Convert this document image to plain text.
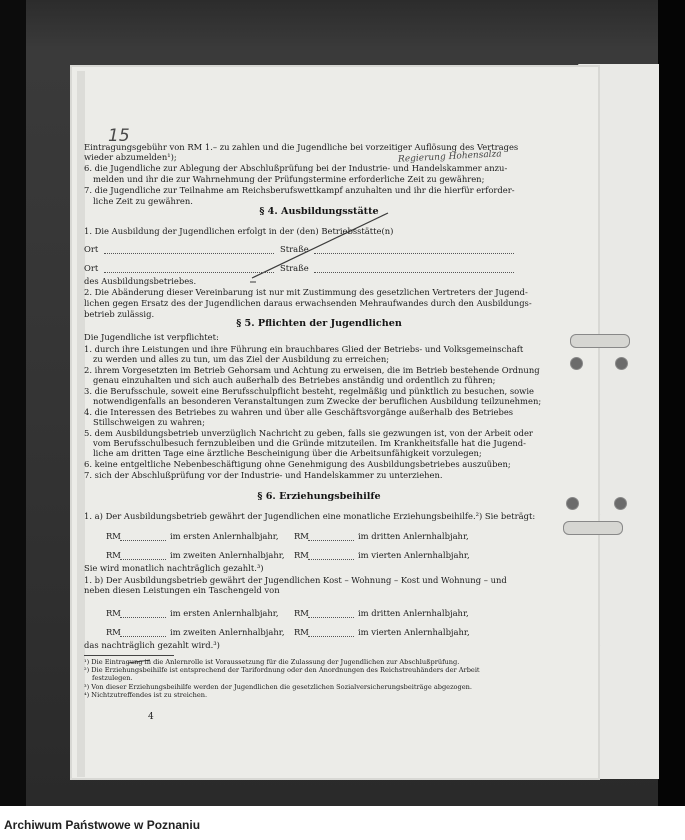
15
Regierung Hohensalza
Eintragungsgebühr von RM 1.– zu zahlen und die Jugendliche bei vorzeitiger Auflösung des Vertrages
wieder abzumelden¹);
6. die Jugendliche zur Ablegung der Abschlußprüfung bei der Industrie- und Handelskammer anzu-
melden und ihr die zur Wahrnehmung der Prüfungstermine erforderliche Zeit zu gewähren;
7. die Jugendliche zur Teilnahme am Reichsberufswettkampf anzuhalten und ihr die hierfür erforder-
liche Zeit zu gewähren.
1. Die Ausbildung der Jugendlichen erfolgt in der (den) Betriebsstätte(n)
Ort	Straße
Ort	Straße
des Ausbildungsbetriebes.
2. Die Abänderung dieser Vereinbarung ist nur mit Zustimmung des gesetzlichen Vertreters der Jugend-
lichen gegen Ersatz des der Jugendlichen daraus erwachsenden Mehraufwandes durch den Ausbildungs-
betrieb zulässig.
Die Jugendliche ist verpflichtet:
1. durch ihre Leistungen und ihre Führung ein brauchbares Glied der Betriebs- und Volksgemeinschaft
zu werden und alles zu tun, um das Ziel der Ausbildung zu erreichen;
2. ihrem Vorgesetzten im Betrieb Gehorsam und Achtung zu erweisen, die im Betrieb bestehende Ordnung
genau einzuhalten und sich auch außerhalb des Betriebes anständig und ordentlich zu führen;
3. die Berufsschule, soweit eine Berufsschulpflicht besteht, regelmäßig und pünktlich zu besuchen, sowie
notwendigenfalls an besonderen Veranstaltungen zum Zwecke der beruflichen Ausbildung teilzunehmen;
4. die Interessen des Betriebes zu wahren und über alle Geschäftsvorgänge außerhalb des Betriebes
Stillschweigen zu wahren;
5. dem Ausbildungsbetrieb unverzüglich Nachricht zu geben, falls sie gezwungen ist, von der Arbeit oder
vom Berufsschulbesuch fernzubleiben und die Gründe mitzuteilen. Im Krankheitsfalle hat die Jugend-
liche am dritten Tage eine ärztliche Bescheinigung über die Arbeitsunfähigkeit vorzulegen;
6. keine entgeltliche Nebenbeschäftigung ohne Genehmigung des Ausbildungsbetriebes auszuüben;
7. sich der Abschlußprüfung vor der Industrie- und Handelskammer zu unterziehen.
1. a) Der Ausbildungsbetrieb gewährt der Jugendlichen eine monatliche Erziehungsbeihilfe.²) Sie beträgt:
RM	im ersten Anlernhalbjahr, RM	im dritten Anlernhalbjahr,
RM	im zweiten Anlernhalbjahr, RM	im vierten Anlernhalbjahr,
Sie wird monatlich nachträglich gezahlt.³)
1. b) Der Ausbildungsbetrieb gewährt der Jugendlichen Kost – Wohnung – Kost und Wohnung – und
neben diesen Leistungen ein Taschengeld von
RM	im ersten Anlernhalbjahr, RM	im dritten Anlernhalbjahr,
RM	im zweiten Anlernhalbjahr, RM	im vierten Anlernhalbjahr,
das nachträglich gezahlt wird.³)
§ 4. Ausbildungsstätte
§ 5. Pflichten der Jugendlichen
§ 6. Erziehungsbeihilfe
¹) Die Eintragung in die Anlernrolle ist Voraussetzung für die Zulassung der Jugendlichen zur Abschlußprüfung.
²) Die Erziehungsbeihilfe ist entsprechend der Tarifordnung oder den Anordnungen des Reichstreuhänders der Arbeit
festzulegen.
³) Von dieser Erziehungsbeihilfe werden der Jugendlichen die gesetzlichen Sozialversicherungsbeiträge abgezogen.
⁴) Nichtzutreffendes ist zu streichen.
4
Archiwum Państwowe w Poznaniu
